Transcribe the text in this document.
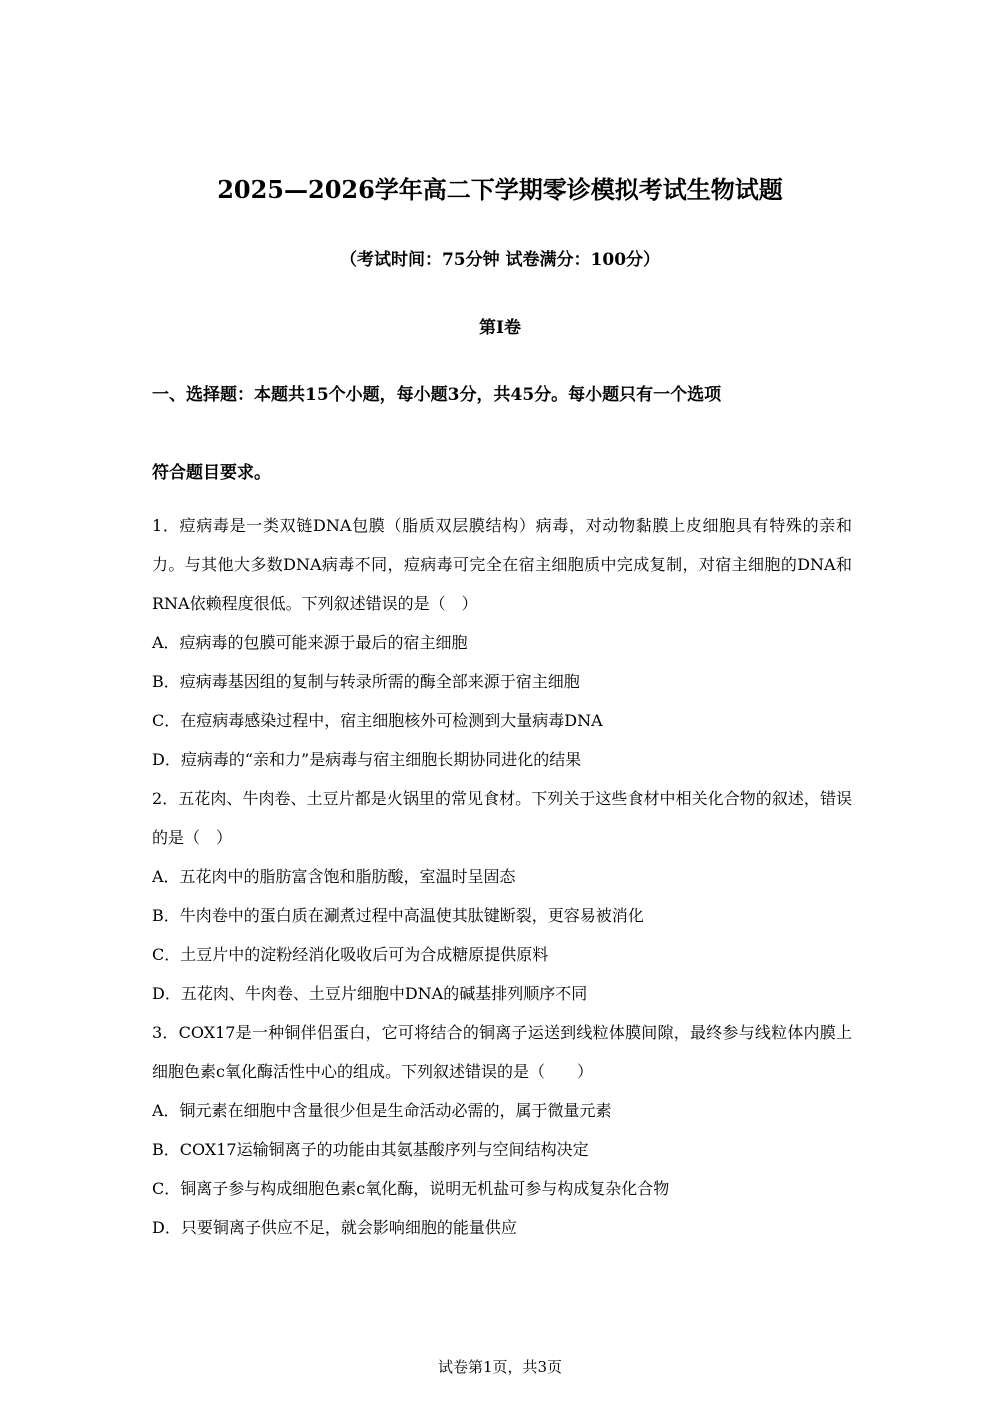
2025—2026学年高二下学期零诊模拟考试生物试题
（考试时间：75分钟 试卷满分：100分）
第Ⅰ卷
一、选择题：本题共15个小题，每小题3分，共45分。每小题只有一个选项
符合题目要求。
1．痘病毒是一类双链DNA包膜（脂质双层膜结构）病毒，对动物黏膜上皮细胞具有特殊的亲和力。与其他大多数DNA病毒不同，痘病毒可完全在宿主细胞质中完成复制，对宿主细胞的DNA和RNA依赖程度很低。下列叙述错误的是（　）
A．痘病毒的包膜可能来源于最后的宿主细胞
B．痘病毒基因组的复制与转录所需的酶全部来源于宿主细胞
C．在痘病毒感染过程中，宿主细胞核外可检测到大量病毒DNA
D．痘病毒的“亲和力”是病毒与宿主细胞长期协同进化的结果
2．五花肉、牛肉卷、土豆片都是火锅里的常见食材。下列关于这些食材中相关化合物的叙述，错误的是（　）
A．五花肉中的脂肪富含饱和脂肪酸，室温时呈固态
B．牛肉卷中的蛋白质在涮煮过程中高温使其肽键断裂，更容易被消化
C．土豆片中的淀粉经消化吸收后可为合成糖原提供原料
D．五花肉、牛肉卷、土豆片细胞中DNA的碱基排列顺序不同
3．COX17是一种铜伴侣蛋白，它可将结合的铜离子运送到线粒体膜间隙，最终参与线粒体内膜上细胞色素c氧化酶活性中心的组成。下列叙述错误的是（　　）
A．铜元素在细胞中含量很少但是生命活动必需的，属于微量元素
B．COX17运输铜离子的功能由其氨基酸序列与空间结构决定
C．铜离子参与构成细胞色素c氧化酶，说明无机盐可参与构成复杂化合物
D．只要铜离子供应不足，就会影响细胞的能量供应
试卷第1页，共3页
